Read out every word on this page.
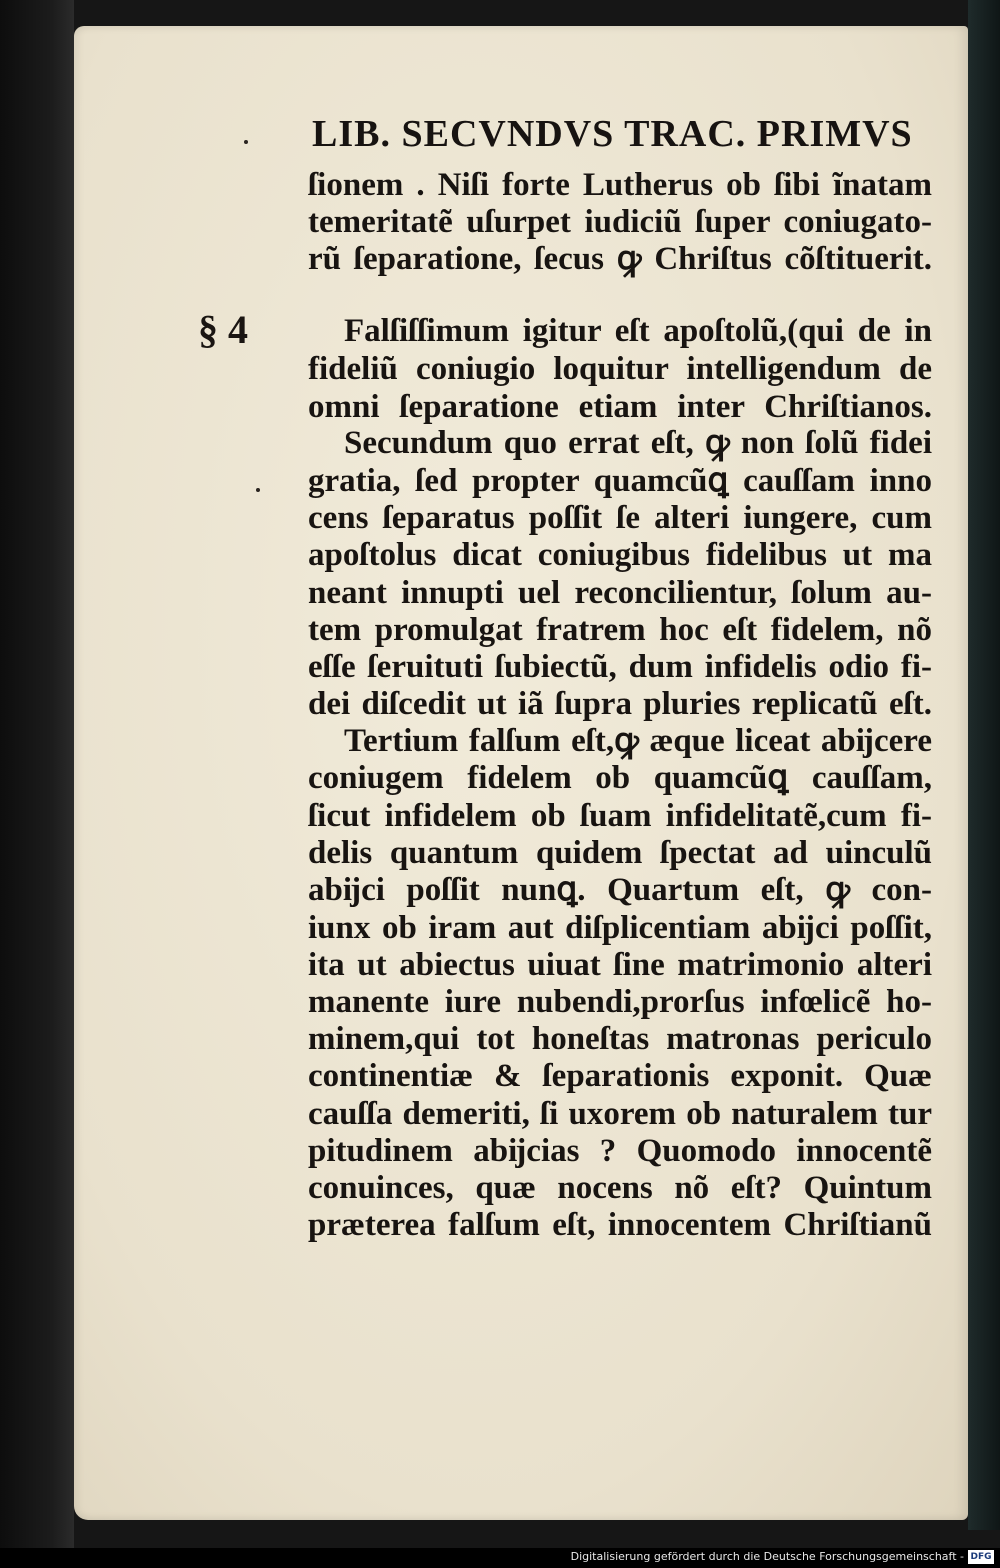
LIB. SECVNDVS TRAC. PRIMVS
§ 4
ſionem . Niſi forte Lutherus ob ſibi ĩnatam
temeritatẽ uſurpet iudiciũ ſuper coniugato-
rũ ſeparatione, ſecus ꝙ Chriſtus cõſtituerit.
Falſiſſimum igitur eſt apoſtolũ,(qui de in
fideliũ coniugio loquitur intelligendum de
omni ſeparatione etiam inter Chriſtianos.
Secundum quo errat eſt, ꝙ non ſolũ fidei
gratia, ſed propter quamcũꝗ cauſſam inno
cens ſeparatus poſſit ſe alteri iungere, cum
apoſtolus dicat coniugibus fidelibus ut ma
neant innupti uel reconcilientur, ſolum au-
tem promulgat fratrem hoc eſt fidelem, nõ
eſſe ſeruituti ſubiectũ, dum infidelis odio fi-
dei diſcedit ut iã ſupra pluries replicatũ eſt.
Tertium falſum eſt,ꝙ æque liceat abĳcere
coniugem fidelem ob quamcũꝗ cauſſam,
ſicut infidelem ob ſuam infidelitatẽ,cum fi-
delis quantum quidem ſpectat ad uinculũ
abĳci poſſit nunꝗ. Quartum eſt, ꝙ con-
iunx ob iram aut diſplicentiam abĳci poſſit,
ita ut abiectus uiuat ſine matrimonio alteri
manente iure nubendi,prorſus infœlicẽ ho-
minem,qui tot honeſtas matronas periculo
continentiæ & ſeparationis exponit. Quæ
cauſſa demeriti, ſi uxorem ob naturalem tur
pitudinem abĳcias ? Quomodo innocentẽ
conuinces, quæ nocens nõ eſt? Quintum
præterea falſum eſt, innocentem Chriſtianũ
Digitalisierung gefördert durch die Deutsche Forschungsgemeinschaft - DFG
